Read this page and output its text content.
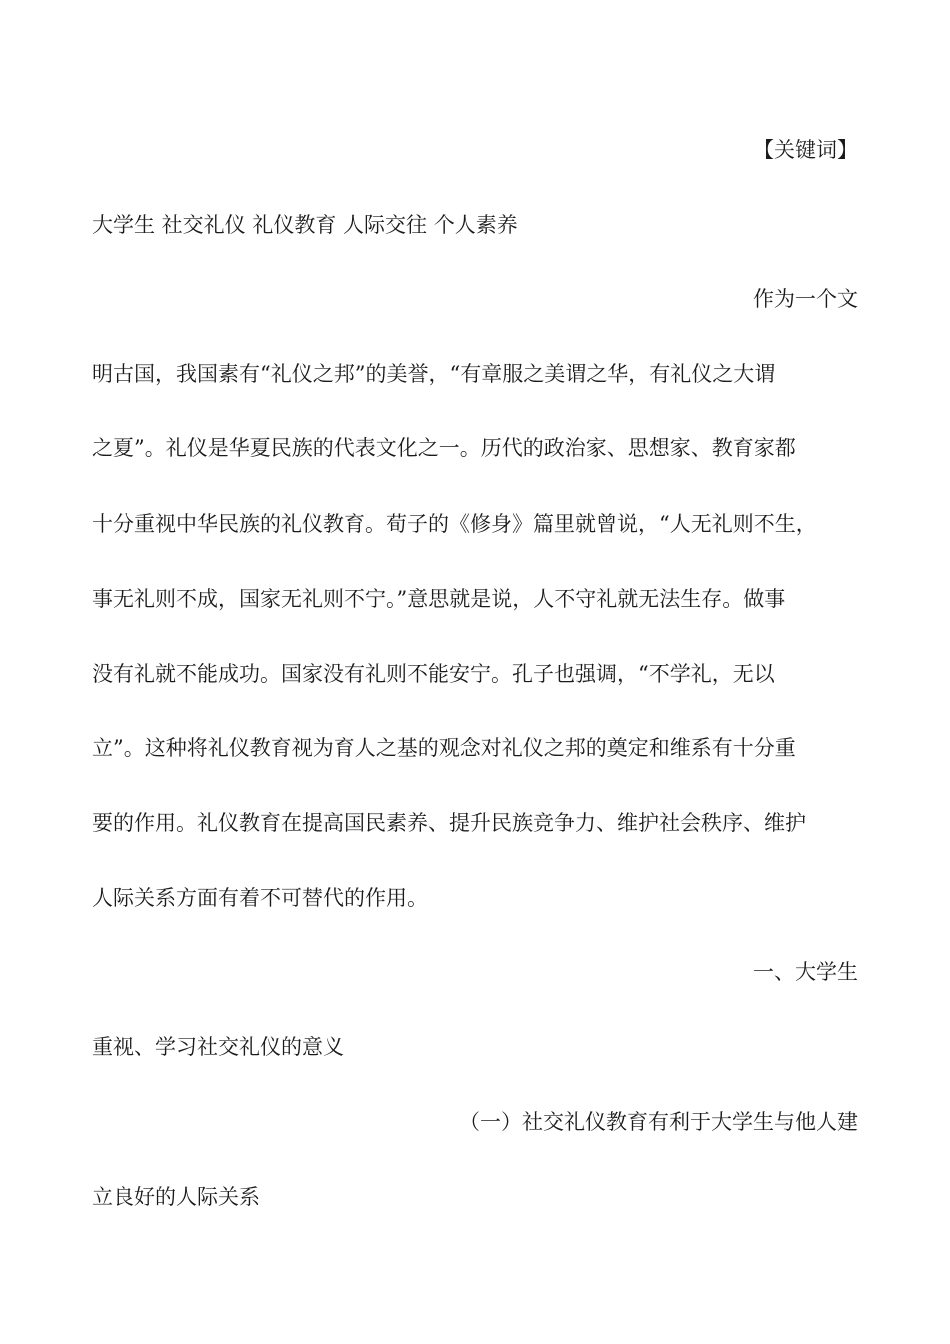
【关键词】
大学生 社交礼仪 礼仪教育 人际交往 个人素养
作为一个文
明古国，我国素有“礼仪之邦”的美誉，“有章服之美谓之华，有礼仪之大谓
之夏”。礼仪是华夏民族的代表文化之一。历代的政治家、思想家、教育家都
十分重视中华民族的礼仪教育。荀子的《修身》篇里就曾说，“人无礼则不生，
事无礼则不成，国家无礼则不宁。”意思就是说，人不守礼就无法生存。做事
没有礼就不能成功。国家没有礼则不能安宁。孔子也强调，“不学礼，无以
立”。这种将礼仪教育视为育人之基的观念对礼仪之邦的奠定和维系有十分重
要的作用。礼仪教育在提高国民素养、提升民族竞争力、维护社会秩序、维护
人际关系方面有着不可替代的作用。
一、大学生
重视、学习社交礼仪的意义
（一）社交礼仪教育有利于大学生与他人建
立良好的人际关系
